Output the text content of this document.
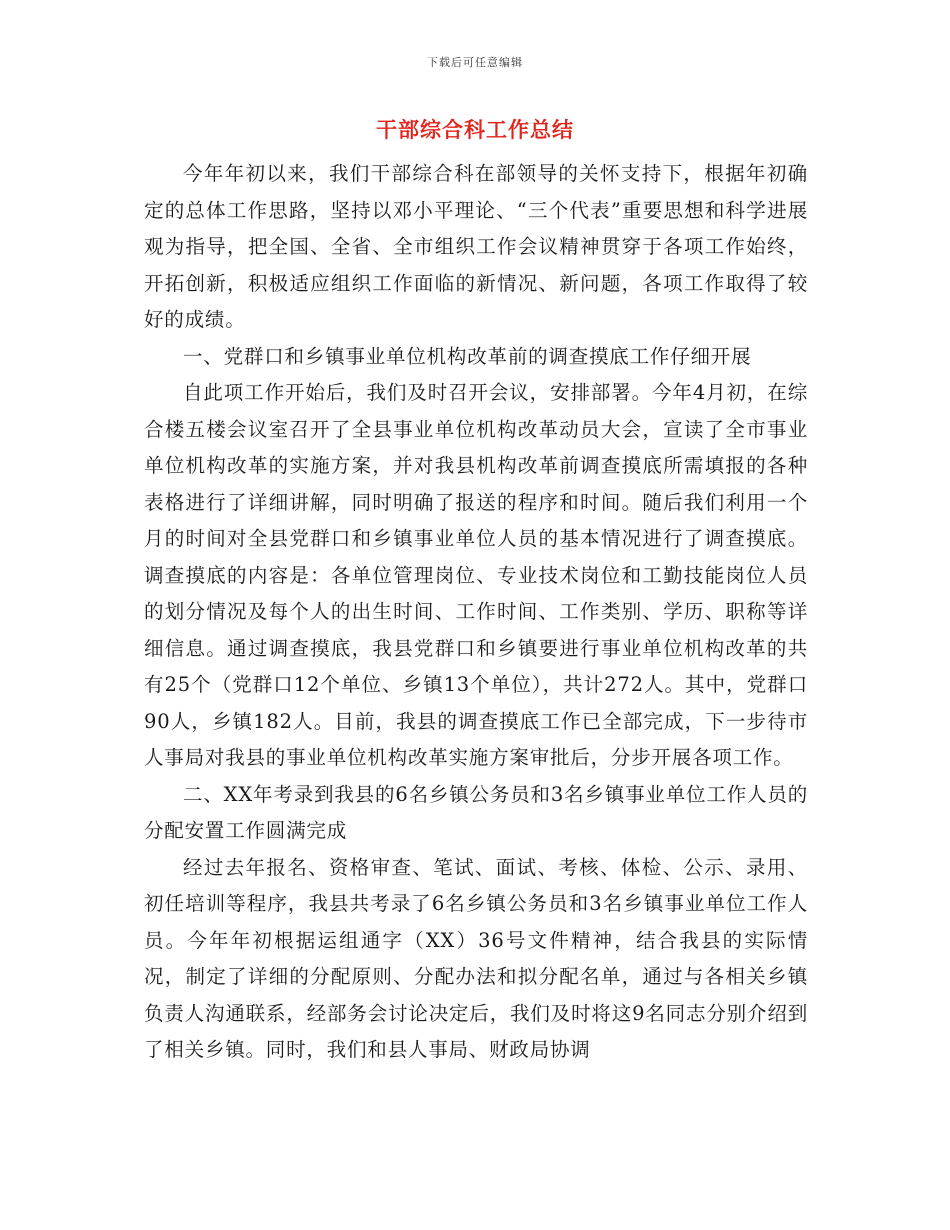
下载后可任意编辑
干部综合科工作总结

今年年初以来，我们干部综合科在部领导的关怀支持下，根据年初确定的总体工作思路，坚持以邓小平理论、“三个代表”重要思想和科学进展观为指导，把全国、全省、全市组织工作会议精神贯穿于各项工作始终，开拓创新，积极适应组织工作面临的新情况、新问题，各项工作取得了较好的成绩。

一、党群口和乡镇事业单位机构改革前的调查摸底工作仔细开展

自此项工作开始后，我们及时召开会议，安排部署。今年4月初，在综合楼五楼会议室召开了全县事业单位机构改革动员大会，宣读了全市事业单位机构改革的实施方案，并对我县机构改革前调查摸底所需填报的各种表格进行了详细讲解，同时明确了报送的程序和时间。随后我们利用一个月的时间对全县党群口和乡镇事业单位人员的基本情况进行了调查摸底。调查摸底的内容是：各单位管理岗位、专业技术岗位和工勤技能岗位人员的划分情况及每个人的出生时间、工作时间、工作类别、学历、职称等详细信息。通过调查摸底，我县党群口和乡镇要进行事业单位机构改革的共有25个（党群口12个单位、乡镇13个单位），共计272人。其中，党群口90人，乡镇182人。目前，我县的调查摸底工作已全部完成，下一步待市人事局对我县的事业单位机构改革实施方案审批后，分步开展各项工作。

二、XX年考录到我县的6名乡镇公务员和3名乡镇事业单位工作人员的分配安置工作圆满完成

经过去年报名、资格审查、笔试、面试、考核、体检、公示、录用、初任培训等程序，我县共考录了6名乡镇公务员和3名乡镇事业单位工作人员。今年年初根据运组通字（XX）36号文件精神，结合我县的实际情况，制定了详细的分配原则、分配办法和拟分配名单，通过与各相关乡镇负责人沟通联系，经部务会讨论决定后，我们及时将这9名同志分别介绍到了相关乡镇。同时，我们和县人事局、财政局协调
